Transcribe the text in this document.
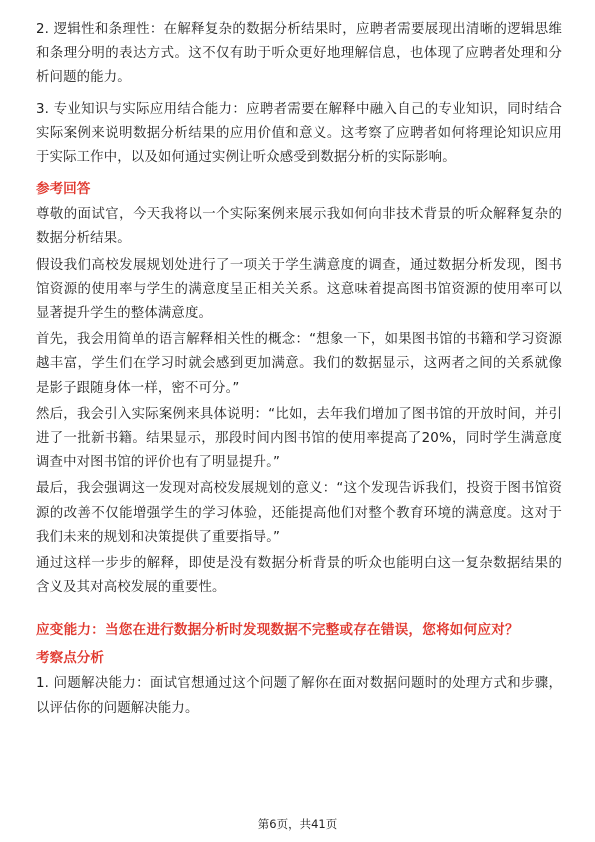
2. 逻辑性和条理性：在解释复杂的数据分析结果时，应聘者需要展现出清晰的逻辑思维和条理分明的表达方式。这不仅有助于听众更好地理解信息，也体现了应聘者处理和分析问题的能力。

3. 专业知识与实际应用结合能力：应聘者需要在解释中融入自己的专业知识，同时结合实际案例来说明数据分析结果的应用价值和意义。这考察了应聘者如何将理论知识应用于实际工作中，以及如何通过实例让听众感受到数据分析的实际影响。

参考回答

尊敬的面试官，今天我将以一个实际案例来展示我如何向非技术背景的听众解释复杂的数据分析结果。

假设我们高校发展规划处进行了一项关于学生满意度的调查，通过数据分析发现，图书馆资源的使用率与学生的满意度呈正相关关系。这意味着提高图书馆资源的使用率可以显著提升学生的整体满意度。

首先，我会用简单的语言解释相关性的概念：“想象一下，如果图书馆的书籍和学习资源越丰富，学生们在学习时就会感到更加满意。我们的数据显示，这两者之间的关系就像是影子跟随身体一样，密不可分。”

然后，我会引入实际案例来具体说明：“比如，去年我们增加了图书馆的开放时间，并引进了一批新书籍。结果显示，那段时间内图书馆的使用率提高了20%，同时学生满意度调查中对图书馆的评价也有了明显提升。”

最后，我会强调这一发现对高校发展规划的意义：“这个发现告诉我们，投资于图书馆资源的改善不仅能增强学生的学习体验，还能提高他们对整个教育环境的满意度。这对于我们未来的规划和决策提供了重要指导。”

通过这样一步步的解释，即使是没有数据分析背景的听众也能明白这一复杂数据结果的含义及其对高校发展的重要性。

应变能力：当您在进行数据分析时发现数据不完整或存在错误，您将如何应对？
考察点分析

1. 问题解决能力：面试官想通过这个问题了解你在面对数据问题时的处理方式和步骤，以评估你的问题解决能力。

第6页，共41页
